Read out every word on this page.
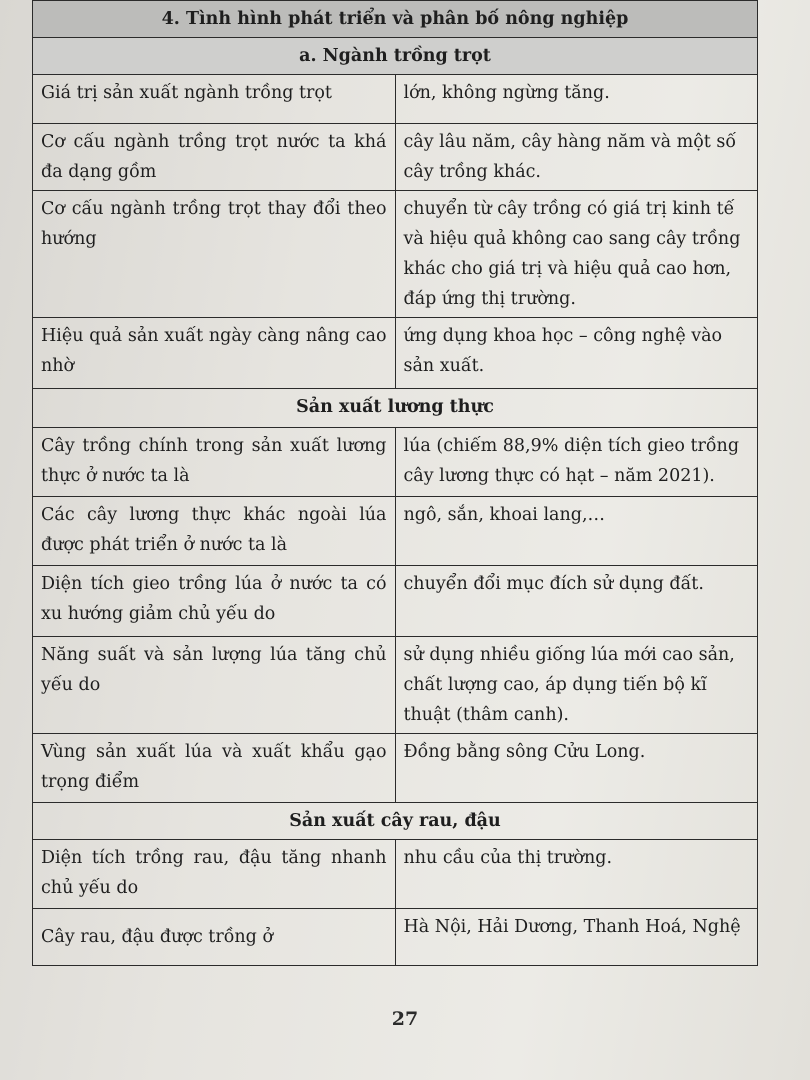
4. Tình hình phát triển và phân bố nông nghiệp	
a. Ngành trồng trọt	
Giá trị sản xuất ngành trồng trọt	lớn, không ngừng tăng.
Cơ cấu ngành trồng trọt nước ta khá đa dạng gồm	cây lâu năm, cây hàng năm và một số cây trồng khác.
Cơ cấu ngành trồng trọt thay đổi theo hướng	chuyển từ cây trồng có giá trị kinh tế và hiệu quả không cao sang cây trồng khác cho giá trị và hiệu quả cao hơn, đáp ứng thị trường.
Hiệu quả sản xuất ngày càng nâng cao nhờ	ứng dụng khoa học – công nghệ vào sản xuất.
Sản xuất lương thực	
Cây trồng chính trong sản xuất lương thực ở nước ta là	lúa (chiếm 88,9% diện tích gieo trồng cây lương thực có hạt – năm 2021).
Các cây lương thực khác ngoài lúa được phát triển ở nước ta là	ngô, sắn, khoai lang,…
Diện tích gieo trồng lúa ở nước ta có xu hướng giảm chủ yếu do	chuyển đổi mục đích sử dụng đất.
Năng suất và sản lượng lúa tăng chủ yếu do	sử dụng nhiều giống lúa mới cao sản, chất lượng cao, áp dụng tiến bộ kĩ thuật (thâm canh).
Vùng sản xuất lúa và xuất khẩu gạo trọng điểm	Đồng bằng sông Cửu Long.
Sản xuất cây rau, đậu	
Diện tích trồng rau, đậu tăng nhanh chủ yếu do	nhu cầu của thị trường.
Cây rau, đậu được trồng ở	Hà Nội, Hải Dương, Thanh Hoá, Nghệ
27
